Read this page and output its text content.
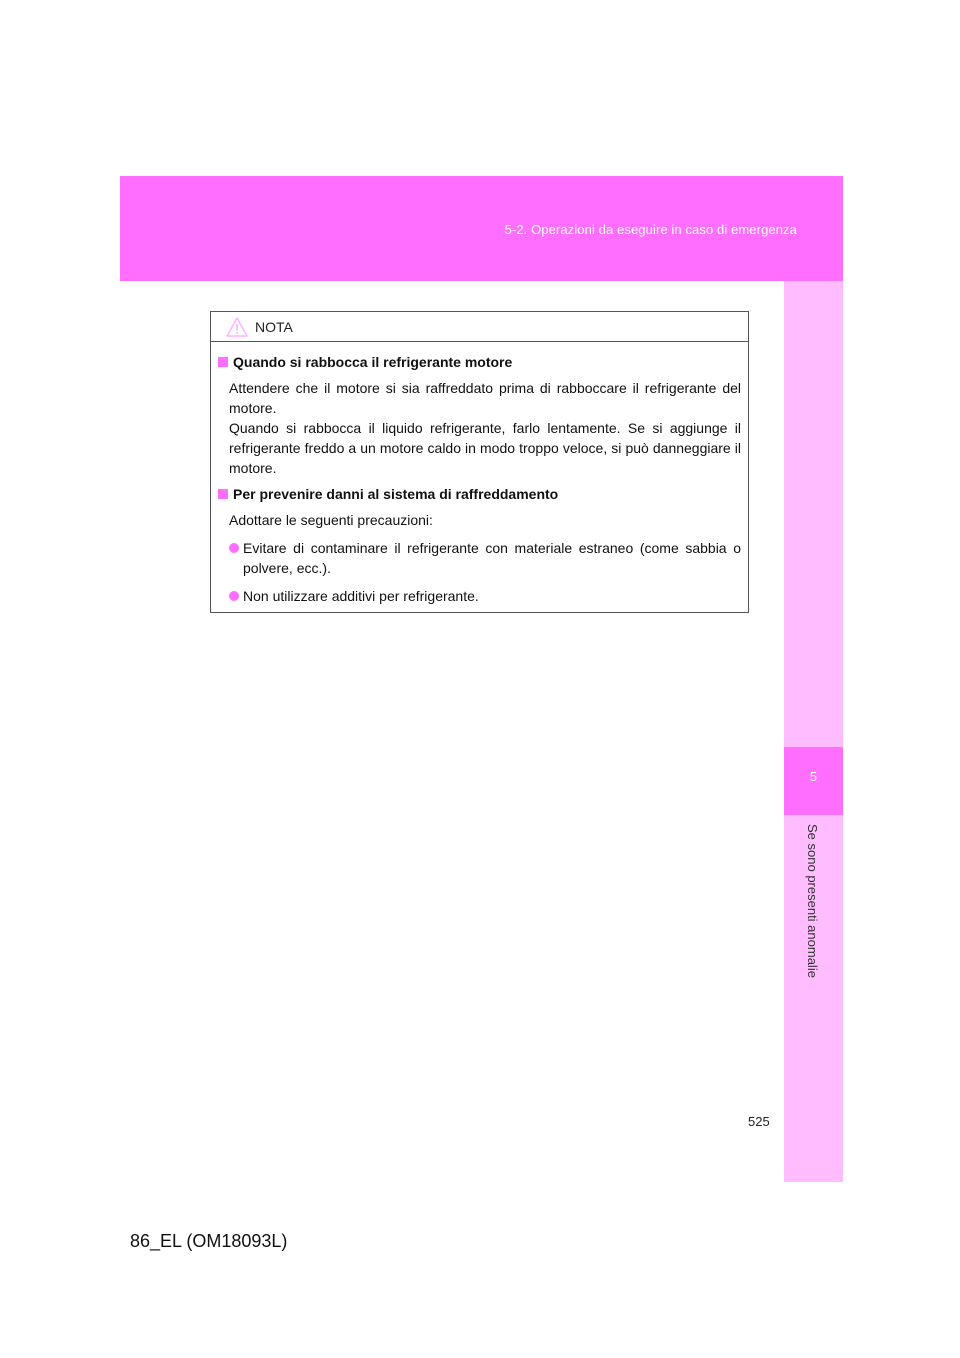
5-2. Operazioni da eseguire in caso di emergenza
5
Se sono presenti anomalie
NOTA
Quando si rabbocca il refrigerante motore

Attendere che il motore si sia raffreddato prima di rabboccare il refrigerante del motore.
Quando si rabbocca il liquido refrigerante, farlo lentamente. Se si aggiunge il refrigerante freddo a un motore caldo in modo troppo veloce, si può danneggiare il motore.

Per prevenire danni al sistema di raffreddamento

Adottare le seguenti precauzioni:

Evitare di contaminare il refrigerante con materiale estraneo (come sabbia o polvere, ecc.).
Non utilizzare additivi per refrigerante.
525
86_EL (OM18093L)
